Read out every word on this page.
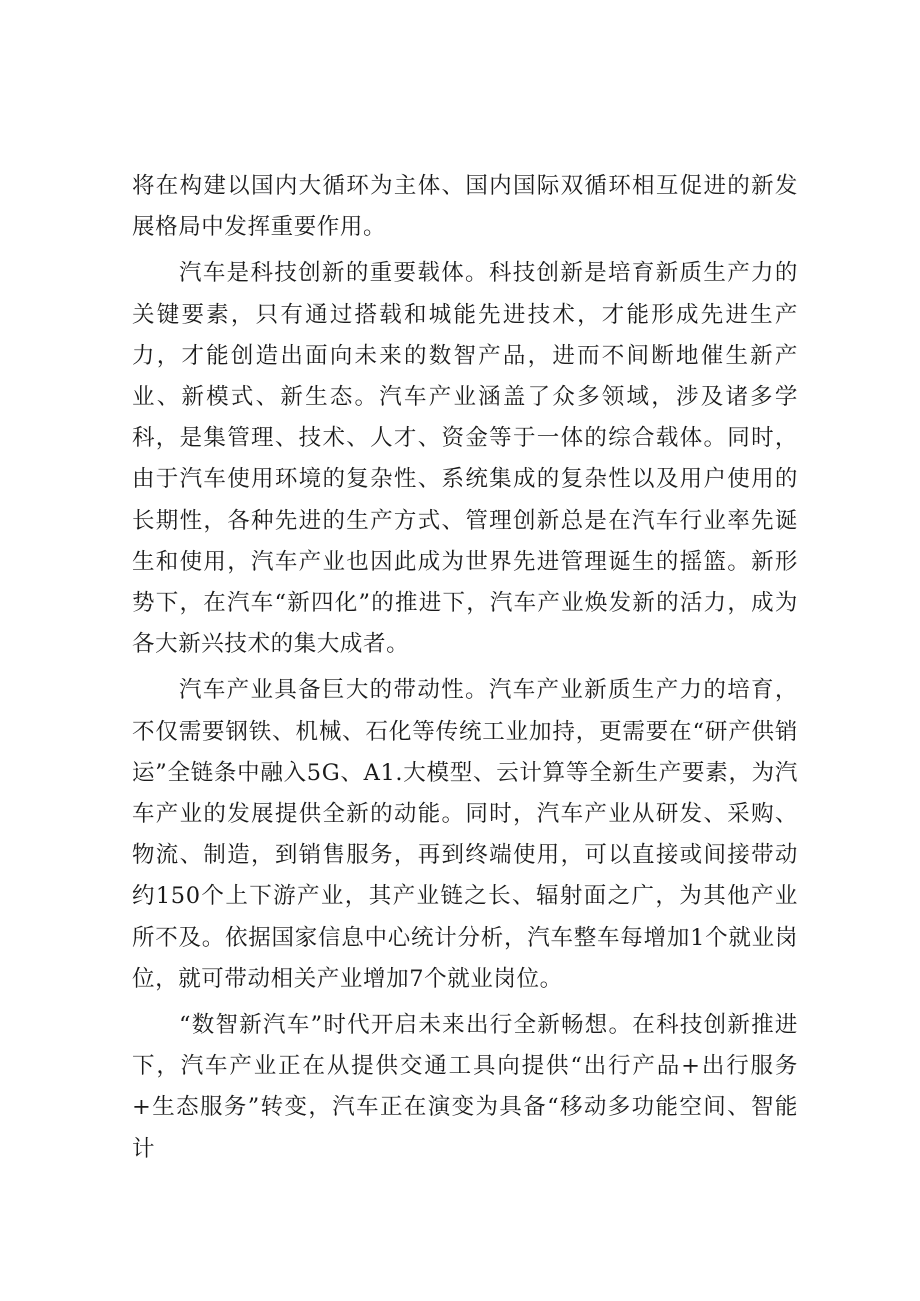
将在构建以国内大循环为主体、国内国际双循环相互促进的新发展格局中发挥重要作用。

汽车是科技创新的重要载体。科技创新是培育新质生产力的关键要素，只有通过搭载和城能先进技术，才能形成先进生产力，才能创造出面向未来的数智产品，进而不间断地催生新产业、新模式、新生态。汽车产业涵盖了众多领域，涉及诸多学科，是集管理、技术、人才、资金等于一体的综合载体。同时，由于汽车使用环境的复杂性、系统集成的复杂性以及用户使用的长期性，各种先进的生产方式、管理创新总是在汽车行业率先诞生和使用，汽车产业也因此成为世界先进管理诞生的摇篮。新形势下，在汽车“新四化”的推进下，汽车产业焕发新的活力，成为各大新兴技术的集大成者。

汽车产业具备巨大的带动性。汽车产业新质生产力的培育，不仅需要钢铁、机械、石化等传统工业加持，更需要在“研产供销运”全链条中融入5G、A1.大模型、云计算等全新生产要素，为汽车产业的发展提供全新的动能。同时，汽车产业从研发、采购、物流、制造，到销售服务，再到终端使用，可以直接或间接带动约150个上下游产业，其产业链之长、辐射面之广，为其他产业所不及。依据国家信息中心统计分析，汽车整车每增加1个就业岗位，就可带动相关产业增加7个就业岗位。

“数智新汽车”时代开启未来出行全新畅想。在科技创新推进下，汽车产业正在从提供交通工具向提供“出行产品+出行服务+生态服务”转变，汽车正在演变为具备“移动多功能空间、智能计
